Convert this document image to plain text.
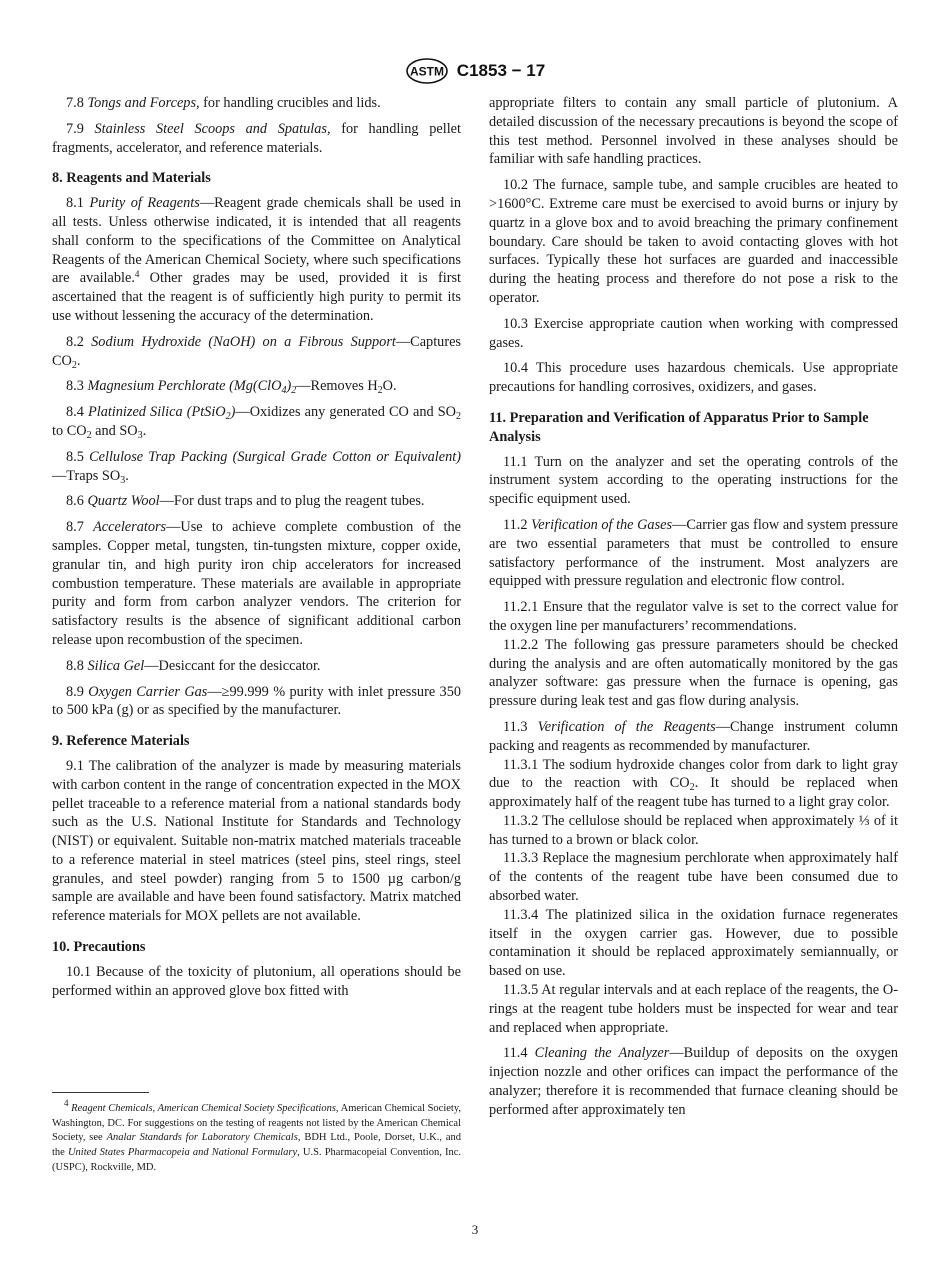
ASTM C1853 − 17

7.8 Tongs and Forceps, for handling crucibles and lids.

7.9 Stainless Steel Scoops and Spatulas, for handling pellet fragments, accelerator, and reference materials.

8. Reagents and Materials

8.1 Purity of Reagents—Reagent grade chemicals shall be used in all tests. Unless otherwise indicated, it is intended that all reagents shall conform to the specifications of the Committee on Analytical Reagents of the American Chemical Society, where such specifications are available.$^4$ Other grades may be used, provided it is first ascertained that the reagent is of sufficiently high purity to permit its use without lessening the accuracy of the determination.

8.2 Sodium Hydroxide (NaOH) on a Fibrous Support—Captures $CO_2$.

8.3 Magnesium Perchlorate ($Mg(ClO_4)_2—Removes$ $H_2O$.

8.4 Platinized Silica (PtSiO$_2$)—Oxidizes any generated CO and $SO_2$ to $CO_2$ and $SO_3$.

8.5 Cellulose Trap Packing (Surgical Grade Cotton or Equivalent)—Traps $SO_3$.

8.6 Quartz Wool—For dust traps and to plug the reagent tubes.

8.7 Accelerators—Use to achieve complete combustion of the samples. Copper metal, tungsten, tin-tungsten mixture, copper oxide, granular tin, and high purity iron chip accelerators for increased combustion temperature. These materials are available in appropriate purity and form from carbon analyzer vendors. The criterion for satisfactory results is the absence of significant additional carbon release upon recombustion of the specimen.

8.8 Silica Gel—Desiccant for the desiccator.

8.9 Oxygen Carrier Gas—≥99.999 % purity with inlet pressure 350 to 500 kPa (g) or as specified by the manufacturer.

9. Reference Materials

9.1 The calibration of the analyzer is made by measuring materials with carbon content in the range of concentration expected in the MOX pellet traceable to a reference material from a national standards body such as the U.S. National Institute for Standards and Technology (NIST) or equivalent. Suitable non-matrix matched materials traceable to a reference material in steel matrices (steel pins, steel rings, steel granules, and steel powder) ranging from 5 to 1500 µg carbon/g sample are available and have been found satisfactory. Matrix matched reference materials for MOX pellets are not available.

10. Precautions

10.1 Because of the toxicity of plutonium, all operations should be performed within an approved glove box fitted with

$^4$ Reagent Chemicals, American Chemical Society Specifications, American Chemical Society, Washington, DC. For suggestions on the testing of reagents not listed by the American Chemical Society, see Analar Standards for Laboratory Chemicals, BDH Ltd., Poole, Dorset, U.K., and the United States Pharmacopeia and National Formulary, U.S. Pharmacopeial Convention, Inc. (USPC), Rockville, MD.

appropriate filters to contain any small particle of plutonium. A detailed discussion of the necessary precautions is beyond the scope of this test method. Personnel involved in these analyses should be familiar with safe handling practices.

10.2 The furnace, sample tube, and sample crucibles are heated to >1600°C. Extreme care must be exercised to avoid burns or injury by quartz in a glove box and to avoid breaching the primary confinement boundary. Care should be taken to avoid contacting gloves with hot surfaces. Typically these hot surfaces are guarded and inaccessible during the heating process and therefore do not pose a risk to the operator.

10.3 Exercise appropriate caution when working with compressed gases.

10.4 This procedure uses hazardous chemicals. Use appropriate precautions for handling corrosives, oxidizers, and gases.

11. Preparation and Verification of Apparatus Prior to Sample Analysis

11.1 Turn on the analyzer and set the operating controls of the instrument system according to the operating instructions for the specific equipment used.

11.2 Verification of the Gases—Carrier gas flow and system pressure are two essential parameters that must be controlled to ensure satisfactory performance of the instrument. Most analyzers are equipped with pressure regulation and electronic flow control.

11.2.1 Ensure that the regulator valve is set to the correct value for the oxygen line per manufacturers’ recommendations.

11.2.2 The following gas pressure parameters should be checked during the analysis and are often automatically monitored by the gas analyzer software: gas pressure when the furnace is opening, gas pressure during leak test and gas flow during analysis.

11.3 Verification of the Reagents—Change instrument column packing and reagents as recommended by manufacturer.

11.3.1 The sodium hydroxide changes color from dark to light gray due to the reaction with $CO_2$. It should be replaced when approximately half of the reagent tube has turned to a light gray color.

11.3.2 The cellulose should be replaced when approximately ⅓ of it has turned to a brown or black color.

11.3.3 Replace the magnesium perchlorate when approximately half of the contents of the reagent tube have been consumed due to absorbed water.

11.3.4 The platinized silica in the oxidation furnace regenerates itself in the oxygen carrier gas. However, due to possible contamination it should be replaced approximately semiannually, or based on use.

11.3.5 At regular intervals and at each replace of the reagents, the O-rings at the reagent tube holders must be inspected for wear and tear and replaced when appropriate.

11.4 Cleaning the Analyzer—Buildup of deposits on the oxygen injection nozzle and other orifices can impact the performance of the analyzer; therefore it is recommended that furnace cleaning should be performed after approximately ten

3
